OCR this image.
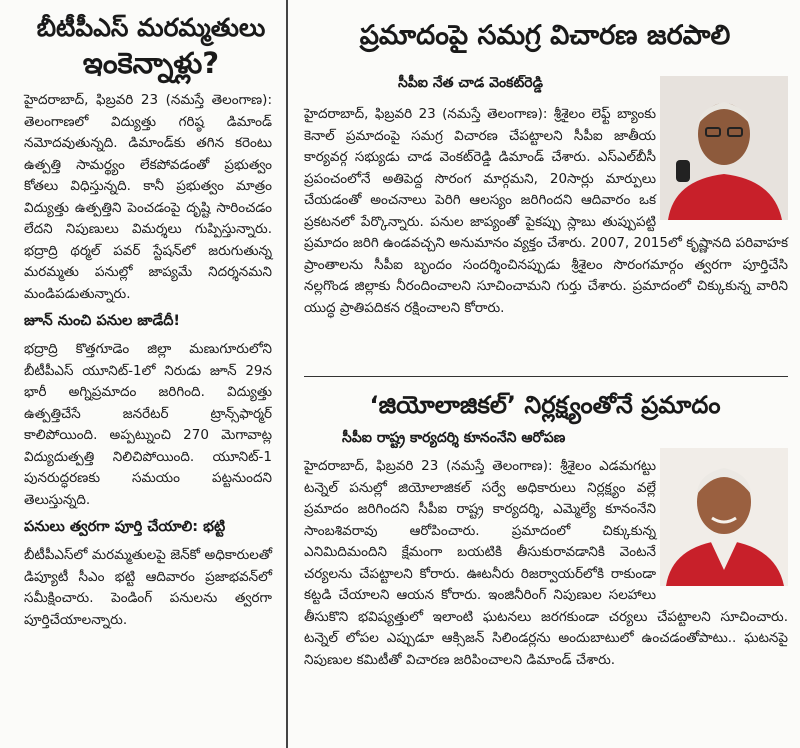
బీటీపీఎస్‌ మరమ్మతులు
ఇంకెన్నాళ్లు?

హైదరాబాద్‌, ఫిబ్రవరి 23 (నమస్తే తెలంగాణ): తెలంగాణలో విద్యుత్తు గరిష్ఠ డిమాండ్‌ నమోదవుతున్నది. డిమాండ్‌కు తగిన కరెంటు ఉత్పత్తి సామర్థ్యం లేకపోవడంతో ప్రభుత్వం కోతలు విధిస్తున్నది. కానీ ప్రభుత్వం మాత్రం విద్యుత్తు ఉత్పత్తిని పెంచడంపై దృష్టి సారించడం లేదని నిపుణులు విమర్శలు గుప్పిస్తున్నారు. భద్రాద్రి థర్మల్‌ పవర్‌ స్టేషన్‌లో జరుగుతున్న మరమ్మతు పనుల్లో జాప్యమే నిదర్శనమని మండిపడుతున్నారు.

జూన్‌ నుంచి పనుల జాడేదీ!

భద్రాద్రి కొత్తగూడెం జిల్లా మణుగూరులోని బీటీపీఎస్‌ యూనిట్‌-1లో నిరుడు జూన్‌ 29న భారీ అగ్నిప్రమాదం జరిగింది. విద్యుత్తు ఉత్పత్తిచేసే జనరేటర్‌ ట్రాన్స్‌ఫార్మర్‌ కాలిపోయింది. అప్పట్నుంచి 270 మెగావాట్ల విద్యుదుత్పత్తి నిలిచిపోయింది. యూనిట్‌-1 పునరుద్ధరణకు సమయం పట్టనుందని తెలుస్తున్నది.

పనులు త్వరగా పూర్తి చేయాలి: భట్టి

బీటీపీఎస్‌లో మరమ్మతులపై జెన్‌కో అధికారులతో డిప్యూటీ సీఎం భట్టి ఆదివారం ప్రజాభవన్‌లో సమీక్షించారు. పెండింగ్‌ పనులను త్వరగా పూర్తిచేయాలన్నారు.

ప్రమాదంపై సమగ్ర విచారణ జరపాలి
సీపీఐ నేత చాడ వెంకట్‌రెడ్డి

హైదరాబాద్‌, ఫిబ్రవరి 23 (నమస్తే తెలంగాణ): శ్రీశైలం లెఫ్ట్‌ బ్యాంకు కెనాల్‌ ప్రమాదంపై సమగ్ర విచారణ చేపట్టాలని సీపీఐ జాతీయ కార్యవర్గ సభ్యుడు చాడ వెంకట్‌రెడ్డి డిమాండ్‌ చేశారు. ఎస్‌ఎల్‌బీసీ ప్రపంచంలోనే అతిపెద్ద సొరంగ మార్గమని, 20సార్లు మార్పులు చేయడంతో అంచనాలు పెరిగి ఆలస్యం జరిగిందని ఆదివారం ఒక ప్రకటనలో పేర్కొన్నారు. పనుల జాప్యంతో పైకప్పు స్లాబు తుప్పుపట్టి ప్రమాదం జరిగి ఉండవచ్చని అనుమానం వ్యక్తం చేశారు. 2007, 2015లో కృష్ణానది పరివాహక ప్రాంతాలను సీపీఐ బృందం సందర్శించినప్పుడు శ్రీశైలం సొరంగమార్గం త్వరగా పూర్తిచేసి నల్లగొండ జిల్లాకు నీరందించాలని సూచించామని గుర్తు చేశారు. ప్రమాదంలో చిక్కుకున్న వారిని యుద్ధ ప్రాతిపదికన రక్షించాలని కోరారు.

‘జియోలాజికల్‌’ నిర్లక్ష్యంతోనే ప్రమాదం
సీపీఐ రాష్ట్ర కార్యదర్శి కూనంనేని ఆరోపణ

హైదరాబాద్‌, ఫిబ్రవరి 23 (నమస్తే తెలంగాణ): శ్రీశైలం ఎడమగట్టు టన్నెల్‌ పనుల్లో జియోలాజికల్‌ సర్వే అధికారులు నిర్లక్ష్యం వల్లే ప్రమాదం జరిగిందని సీపీఐ రాష్ట్ర కార్యదర్శి, ఎమ్మెల్యే కూనంనేని సాంబశివరావు ఆరోపించారు. ప్రమాదంలో చిక్కుకున్న ఎనిమిదిమందిని క్షేమంగా బయటికి తీసుకురావడానికి వెంటనే చర్యలను చేపట్టాలని కోరారు. ఊటనీరు రిజర్వాయర్‌లోకి రాకుండా కట్టడి చేయాలని ఆయన కోరారు. ఇంజినీరింగ్‌ నిపుణుల సలహాలు తీసుకొని భవిష్యత్తులో ఇలాంటి ఘటనలు జరగకుండా చర్యలు చేపట్టాలని సూచించారు. టన్నెల్‌ లోపల ఎప్పుడూ ఆక్సిజన్‌ సిలిండర్లను అందుబాటులో ఉంచడంతోపాటు.. ఘటనపై నిపుణుల కమిటీతో విచారణ జరిపించాలని డిమాండ్‌ చేశారు.
